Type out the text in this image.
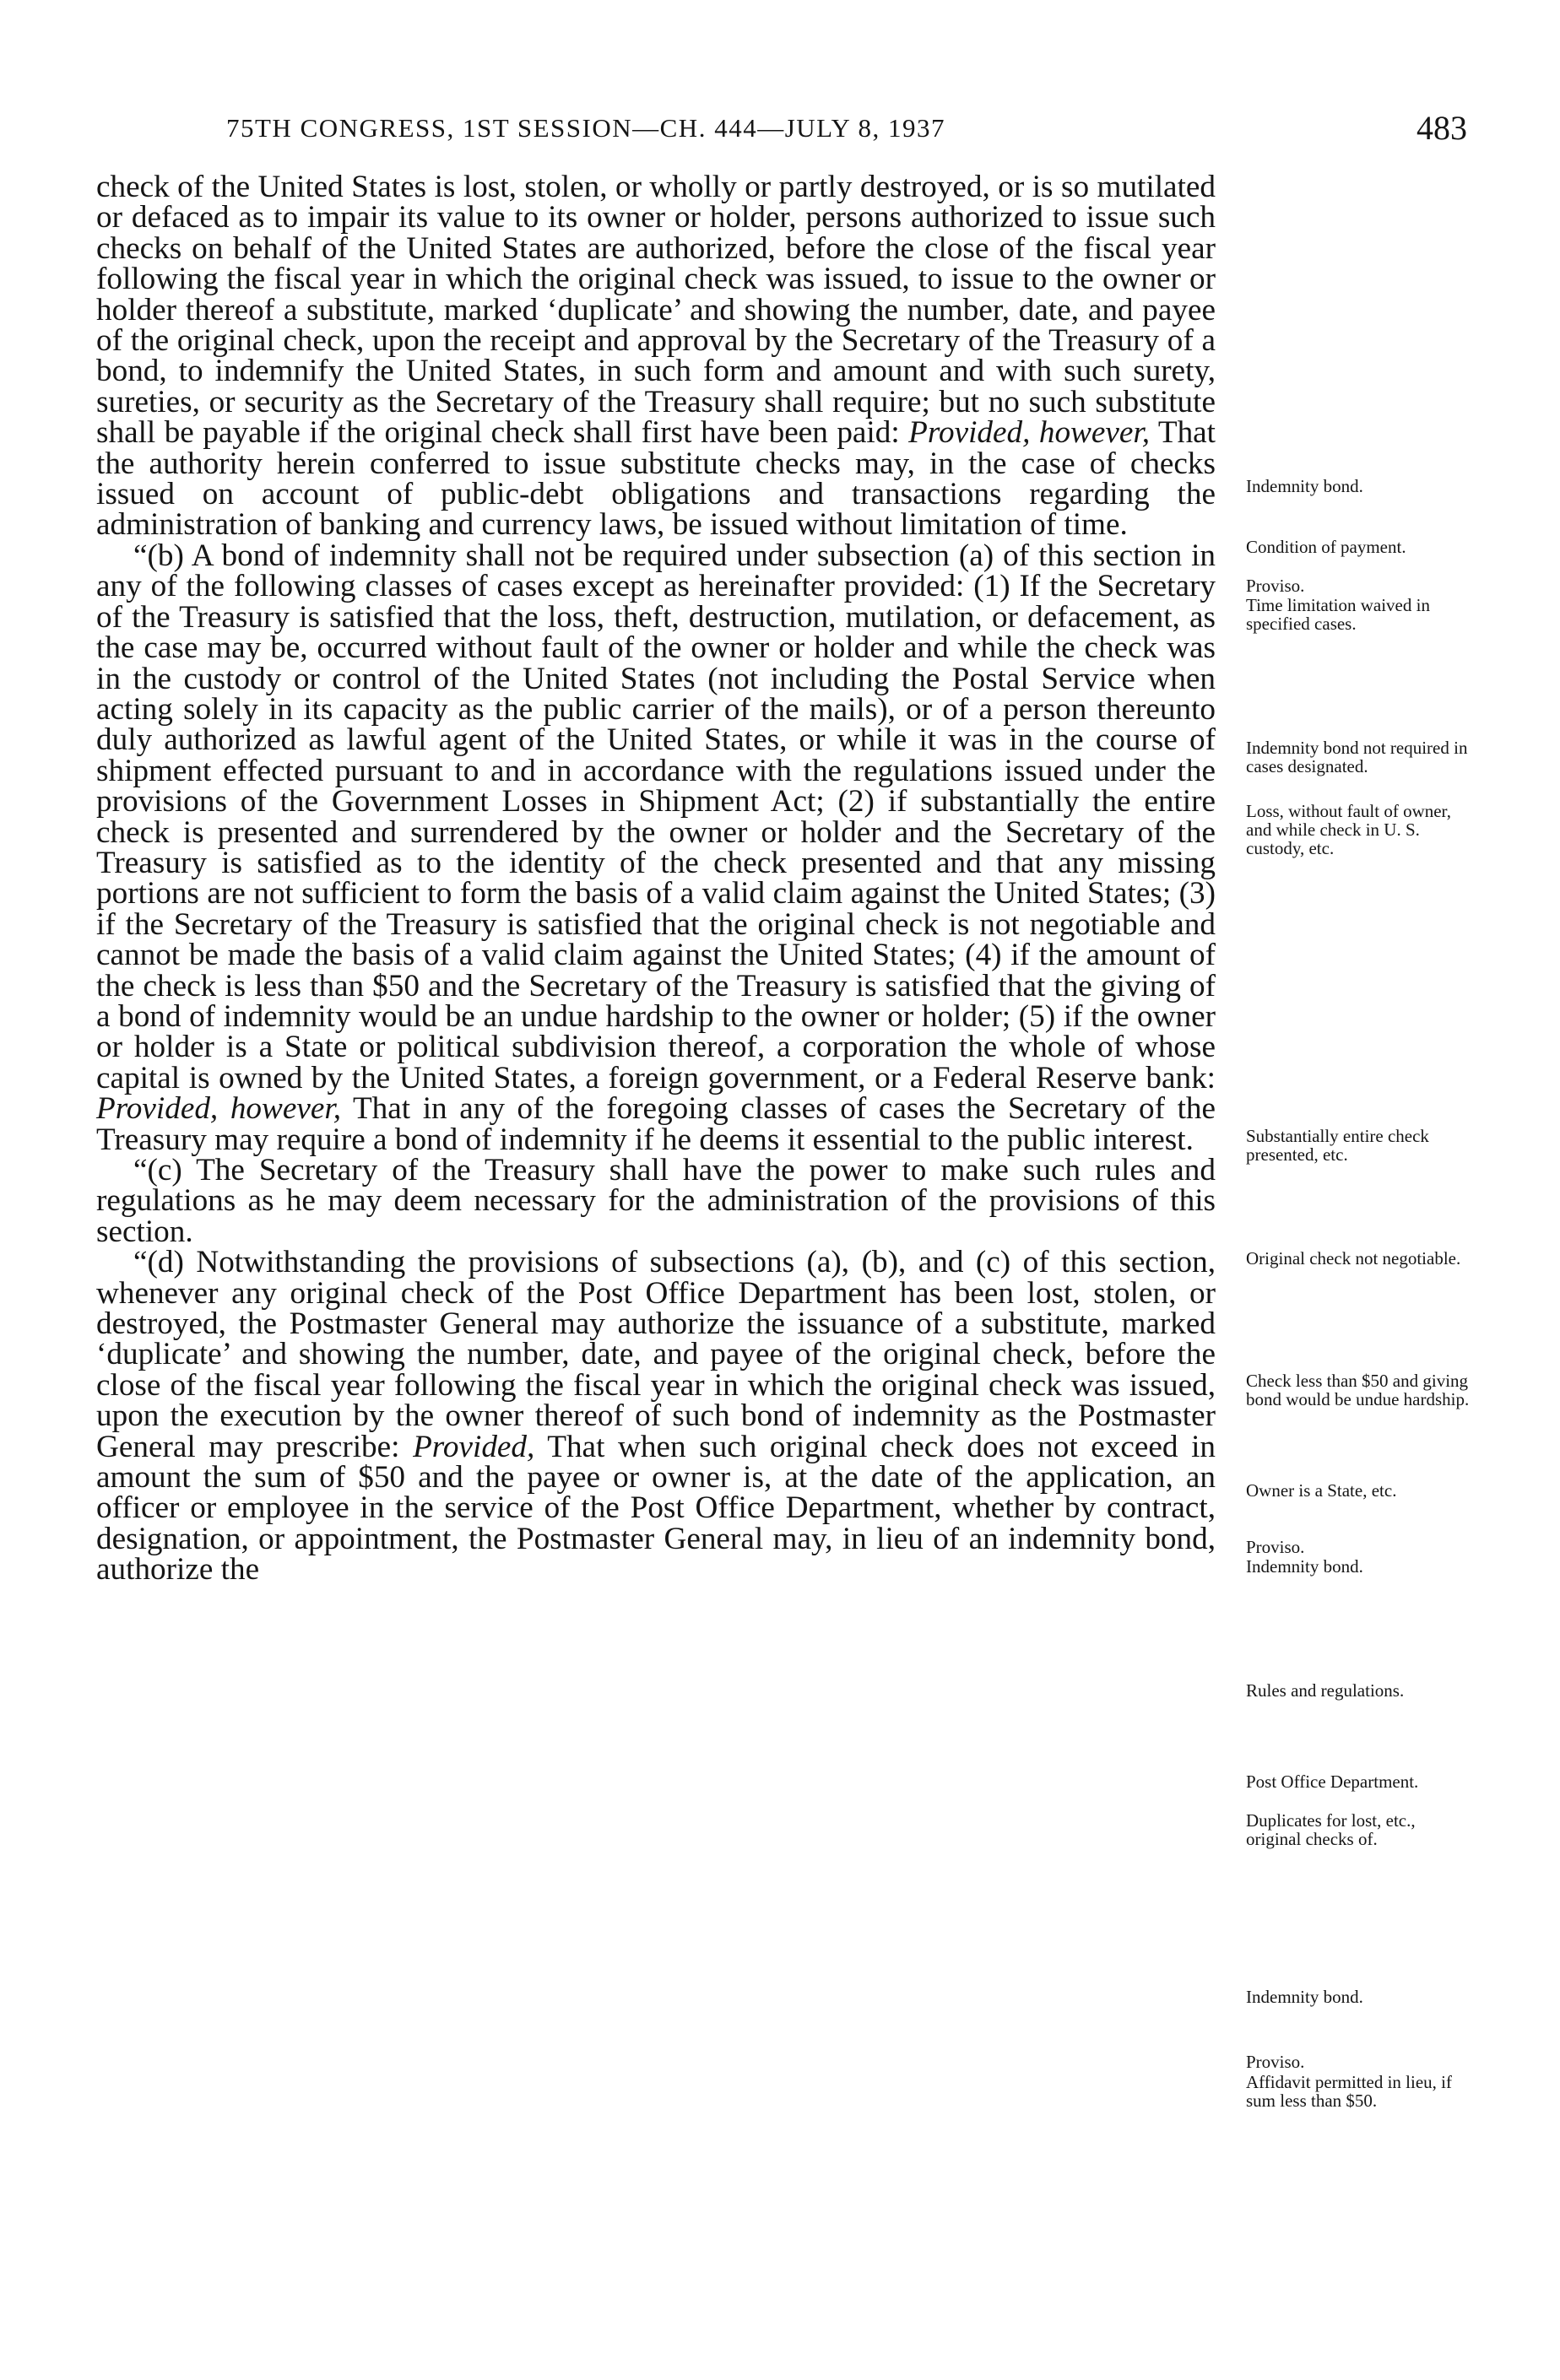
75TH CONGRESS, 1ST SESSION—CH. 444—JULY 8, 1937	483

check of the United States is lost, stolen, or wholly or partly destroyed, or is so mutilated or defaced as to impair its value to its owner or holder, persons authorized to issue such checks on behalf of the United States are authorized, before the close of the fiscal year following the fiscal year in which the original check was issued, to issue to the owner or holder thereof a substitute, marked ‘duplicate’ and showing the number, date, and payee of the original check, upon the receipt and approval by the Secretary of the Treasury of a bond, to indemnify the United States, in such form and amount and with such surety, sureties, or security as the Secretary of the Treasury shall require; but no such substitute shall be payable if the original check shall first have been paid: Provided, however, That the authority herein conferred to issue substitute checks may, in the case of checks issued on account of public-debt obligations and transactions regarding the administration of banking and currency laws, be issued without limitation of time.

“(b) A bond of indemnity shall not be required under subsection (a) of this section in any of the following classes of cases except as hereinafter provided: (1) If the Secretary of the Treasury is satisfied that the loss, theft, destruction, mutilation, or defacement, as the case may be, occurred without fault of the owner or holder and while the check was in the custody or control of the United States (not including the Postal Service when acting solely in its capacity as the public carrier of the mails), or of a person thereunto duly authorized as lawful agent of the United States, or while it was in the course of shipment effected pursuant to and in accordance with the regulations issued under the provisions of the Government Losses in Shipment Act; (2) if substantially the entire check is presented and surrendered by the owner or holder and the Secretary of the Treasury is satisfied as to the identity of the check presented and that any missing portions are not sufficient to form the basis of a valid claim against the United States; (3) if the Secretary of the Treasury is satisfied that the original check is not negotiable and cannot be made the basis of a valid claim against the United States; (4) if the amount of the check is less than $50 and the Secretary of the Treasury is satisfied that the giving of a bond of indemnity would be an undue hardship to the owner or holder; (5) if the owner or holder is a State or political subdivision thereof, a corporation the whole of whose capital is owned by the United States, a foreign government, or a Federal Reserve bank: Provided, however, That in any of the foregoing classes of cases the Secretary of the Treasury may require a bond of indemnity if he deems it essential to the public interest.

“(c) The Secretary of the Treasury shall have the power to make such rules and regulations as he may deem necessary for the administration of the provisions of this section.

“(d) Notwithstanding the provisions of subsections (a), (b), and (c) of this section, whenever any original check of the Post Office Department has been lost, stolen, or destroyed, the Postmaster General may authorize the issuance of a substitute, marked ‘duplicate’ and showing the number, date, and payee of the original check, before the close of the fiscal year following the fiscal year in which the original check was issued, upon the execution by the owner thereof of such bond of indemnity as the Postmaster General may prescribe: Provided, That when such original check does not exceed in amount the sum of $50 and the payee or owner is, at the date of the application, an officer or employee in the service of the Post Office Department, whether by contract, designation, or appointment, the Postmaster General may, in lieu of an indemnity bond, authorize the

Indemnity bond.
Condition of payment.
Proviso.
Time limitation waived in specified cases.
Indemnity bond not required in cases designated.
Loss, without fault of owner, and while check in U. S. custody, etc.
Substantially entire check presented, etc.
Original check not negotiable.
Check less than $50 and giving bond would be undue hardship.
Owner is a State, etc.
Proviso.
Indemnity bond.
Rules and regulations.
Post Office Department.
Duplicates for lost, etc., original checks of.
Indemnity bond.
Proviso.
Affidavit permitted in lieu, if sum less than $50.
